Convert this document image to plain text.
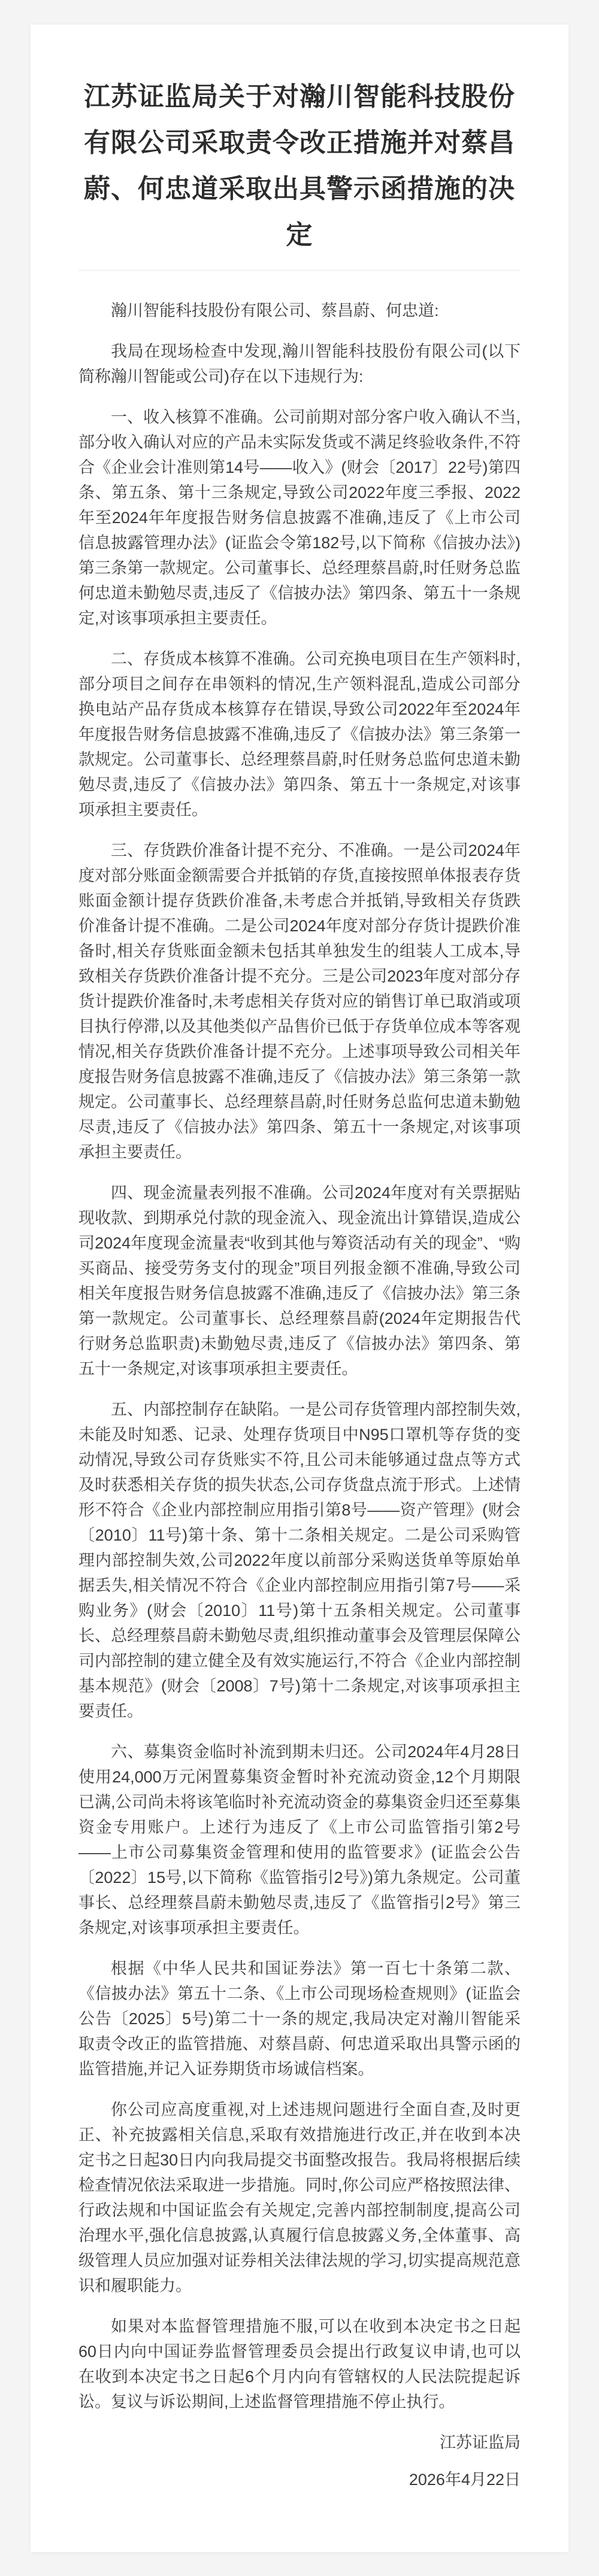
江苏证监局关于对瀚川智能科技股份有限公司采取责令改正措施并对蔡昌蔚、何忠道采取出具警示函措施的决定

瀚川智能科技股份有限公司、蔡昌蔚、何忠道:

我局在现场检查中发现,瀚川智能科技股份有限公司(以下简称瀚川智能或公司)存在以下违规行为:

一、收入核算不准确。公司前期对部分客户收入确认不当,部分收入确认对应的产品未实际发货或不满足终验收条件,不符合《企业会计准则第14号——收入》(财会〔2017〕22号)第四条、第五条、第十三条规定,导致公司2022年度三季报、2022年至2024年年度报告财务信息披露不准确,违反了《上市公司信息披露管理办法》(证监会令第182号,以下简称《信披办法》)第三条第一款规定。公司董事长、总经理蔡昌蔚,时任财务总监何忠道未勤勉尽责,违反了《信披办法》第四条、第五十一条规定,对该事项承担主要责任。

二、存货成本核算不准确。公司充换电项目在生产领料时,部分项目之间存在串领料的情况,生产领料混乱,造成公司部分换电站产品存货成本核算存在错误,导致公司2022年至2024年年度报告财务信息披露不准确,违反了《信披办法》第三条第一款规定。公司董事长、总经理蔡昌蔚,时任财务总监何忠道未勤勉尽责,违反了《信披办法》第四条、第五十一条规定,对该事项承担主要责任。

三、存货跌价准备计提不充分、不准确。一是公司2024年度对部分账面金额需要合并抵销的存货,直接按照单体报表存货账面金额计提存货跌价准备,未考虑合并抵销,导致相关存货跌价准备计提不准确。二是公司2024年度对部分存货计提跌价准备时,相关存货账面金额未包括其单独发生的组装人工成本,导致相关存货跌价准备计提不充分。三是公司2023年度对部分存货计提跌价准备时,未考虑相关存货对应的销售订单已取消或项目执行停滞,以及其他类似产品售价已低于存货单位成本等客观情况,相关存货跌价准备计提不充分。上述事项导致公司相关年度报告财务信息披露不准确,违反了《信披办法》第三条第一款规定。公司董事长、总经理蔡昌蔚,时任财务总监何忠道未勤勉尽责,违反了《信披办法》第四条、第五十一条规定,对该事项承担主要责任。

四、现金流量表列报不准确。公司2024年度对有关票据贴现收款、到期承兑付款的现金流入、现金流出计算错误,造成公司2024年度现金流量表“收到其他与筹资活动有关的现金”、“购买商品、接受劳务支付的现金”项目列报金额不准确,导致公司相关年度报告财务信息披露不准确,违反了《信披办法》第三条第一款规定。公司董事长、总经理蔡昌蔚(2024年定期报告代行财务总监职责)未勤勉尽责,违反了《信披办法》第四条、第五十一条规定,对该事项承担主要责任。

五、内部控制存在缺陷。一是公司存货管理内部控制失效,未能及时知悉、记录、处理存货项目中N95口罩机等存货的变动情况,导致公司存货账实不符,且公司未能够通过盘点等方式及时获悉相关存货的损失状态,公司存货盘点流于形式。上述情形不符合《企业内部控制应用指引第8号——资产管理》(财会〔2010〕11号)第十条、第十二条相关规定。二是公司采购管理内部控制失效,公司2022年度以前部分采购送货单等原始单据丢失,相关情况不符合《企业内部控制应用指引第7号——采购业务》(财会〔2010〕11号)第十五条相关规定。公司董事长、总经理蔡昌蔚未勤勉尽责,组织推动董事会及管理层保障公司内部控制的建立健全及有效实施运行,不符合《企业内部控制基本规范》(财会〔2008〕7号)第十二条规定,对该事项承担主要责任。

六、募集资金临时补流到期未归还。公司2024年4月28日使用24,000万元闲置募集资金暂时补充流动资金,12个月期限已满,公司尚未将该笔临时补充流动资金的募集资金归还至募集资金专用账户。上述行为违反了《上市公司监管指引第2号——上市公司募集资金管理和使用的监管要求》(证监会公告〔2022〕15号,以下简称《监管指引2号》)第九条规定。公司董事长、总经理蔡昌蔚未勤勉尽责,违反了《监管指引2号》第三条规定,对该事项承担主要责任。

根据《中华人民共和国证券法》第一百七十条第二款、《信披办法》第五十二条、《上市公司现场检查规则》(证监会公告〔2025〕5号)第二十一条的规定,我局决定对瀚川智能采取责令改正的监管措施、对蔡昌蔚、何忠道采取出具警示函的监管措施,并记入证券期货市场诚信档案。

你公司应高度重视,对上述违规问题进行全面自查,及时更正、补充披露相关信息,采取有效措施进行改正,并在收到本决定书之日起30日内向我局提交书面整改报告。我局将根据后续检查情况依法采取进一步措施。同时,你公司应严格按照法律、行政法规和中国证监会有关规定,完善内部控制制度,提高公司治理水平,强化信息披露,认真履行信息披露义务,全体董事、高级管理人员应加强对证券相关法律法规的学习,切实提高规范意识和履职能力。

如果对本监督管理措施不服,可以在收到本决定书之日起60日内向中国证券监督管理委员会提出行政复议申请,也可以在收到本决定书之日起6个月内向有管辖权的人民法院提起诉讼。复议与诉讼期间,上述监督管理措施不停止执行。

江苏证监局

2026年4月22日
